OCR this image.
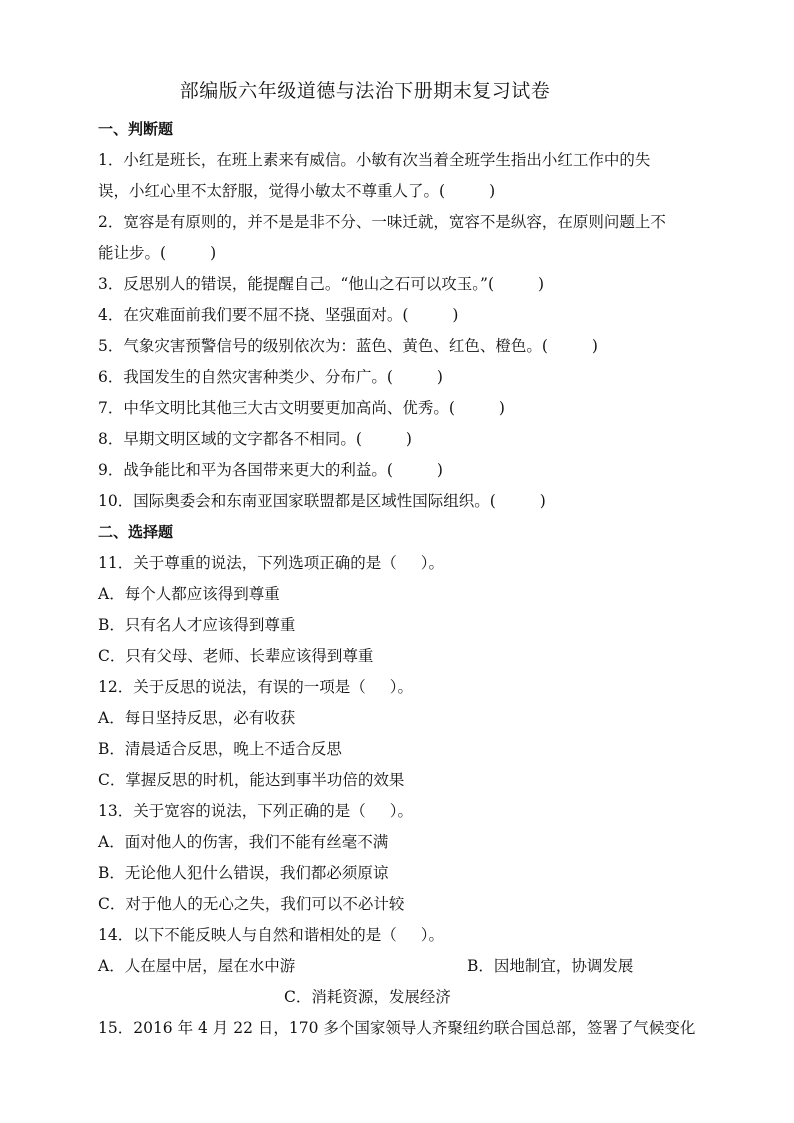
部编版六年级道德与法治下册期末复习试卷
一、判断题
1．小红是班长，在班上素来有威信。小敏有次当着全班学生指出小红工作中的失
误，小红心里不太舒服，觉得小敏太不尊重人了。(	)
2．宽容是有原则的，并不是是非不分、一味迁就，宽容不是纵容，在原则问题上不
能让步。(	)
3．反思别人的错误，能提醒自己。“他山之石可以攻玉。”(	)
4．在灾难面前我们要不屈不挠、坚强面对。(	)
5．气象灾害预警信号的级别依次为：蓝色、黄色、红色、橙色。(	)
6．我国发生的自然灾害种类少、分布广。(	)
7．中华文明比其他三大古文明要更加高尚、优秀。(	)
8．早期文明区域的文字都各不相同。(	)
9．战争能比和平为各国带来更大的利益。(	)
10．国际奥委会和东南亚国家联盟都是区域性国际组织。(	)
二、选择题
11．关于尊重的说法，下列选项正确的是（ ）。
A．每个人都应该得到尊重
B．只有名人才应该得到尊重
C．只有父母、老师、长辈应该得到尊重
12．关于反思的说法，有误的一项是（ ）。
A．每日坚持反思，必有收获
B．清晨适合反思，晚上不适合反思
C．掌握反思的时机，能达到事半功倍的效果
13．关于宽容的说法，下列正确的是（ ）。
A．面对他人的伤害，我们不能有丝毫不满
B．无论他人犯什么错误，我们都必须原谅
C．对于他人的无心之失，我们可以不必计较
14．以下不能反映人与自然和谐相处的是（ ）。
A．人在屋中居，屋在水中游	B．因地制宜，协调发展
C．消耗资源，发展经济
15．2016 年 4 月 22 日，170 多个国家领导人齐聚纽约联合国总部，签署了气候变化
